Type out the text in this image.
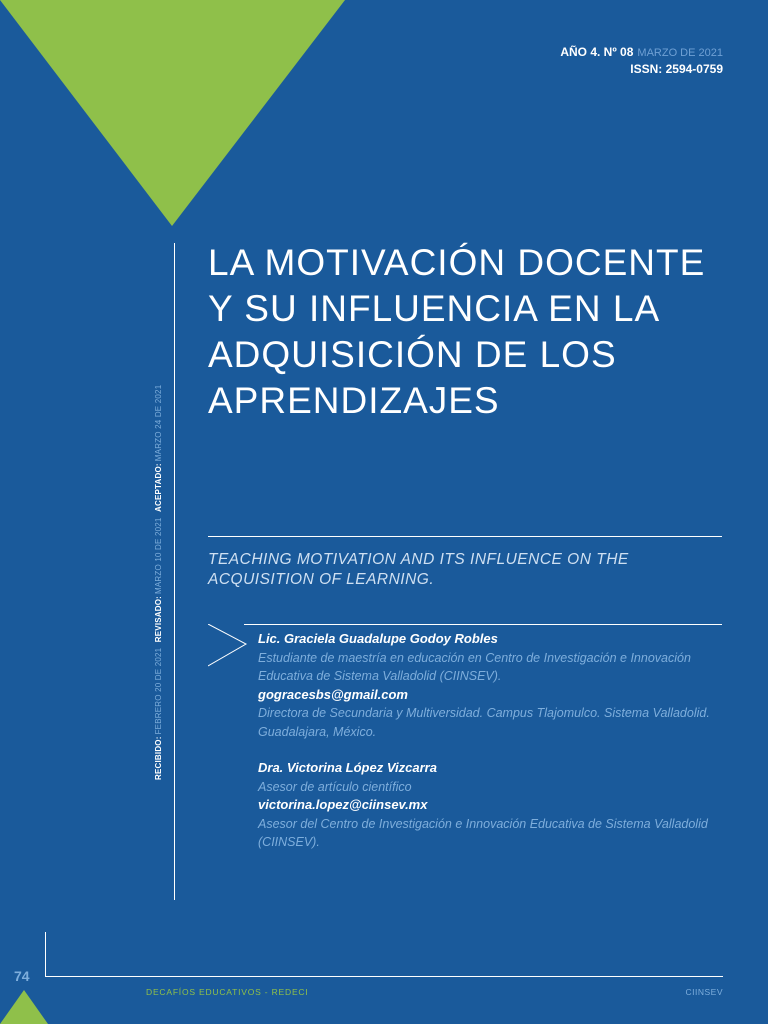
AÑO 4. Nº 08 MARZO DE 2021
ISSN: 2594-0759
RECIBIDO:FEBRERO 20 DE 2021 REVISADO:MARZO 10 DE 2021 ACEPTADO:MARZO 24 DE 2021
LA MOTIVACIÓN DOCENTE Y SU INFLUENCIA EN LA ADQUISICIÓN DE LOS APRENDIZAJES
TEACHING MOTIVATION AND ITS INFLUENCE ON THE ACQUISITION OF LEARNING.
Lic. Graciela Guadalupe Godoy Robles
Estudiante de maestría en educación en Centro de Investigación e Innovación Educativa de Sistema Valladolid (CIINSEV).
gogracesbs@gmail.com
Directora de Secundaria y Multiversidad. Campus Tlajomulco. Sistema Valladolid. Guadalajara, México.
Dra. Victorina López Vizcarra
Asesor de artículo científico
victorina.lopez@ciinsev.mx
Asesor del Centro de Investigación e Innovación Educativa de Sistema Valladolid (CIINSEV).
74
DECAFÍOS EDUCATIVOS - REDECI	CIINSEV
